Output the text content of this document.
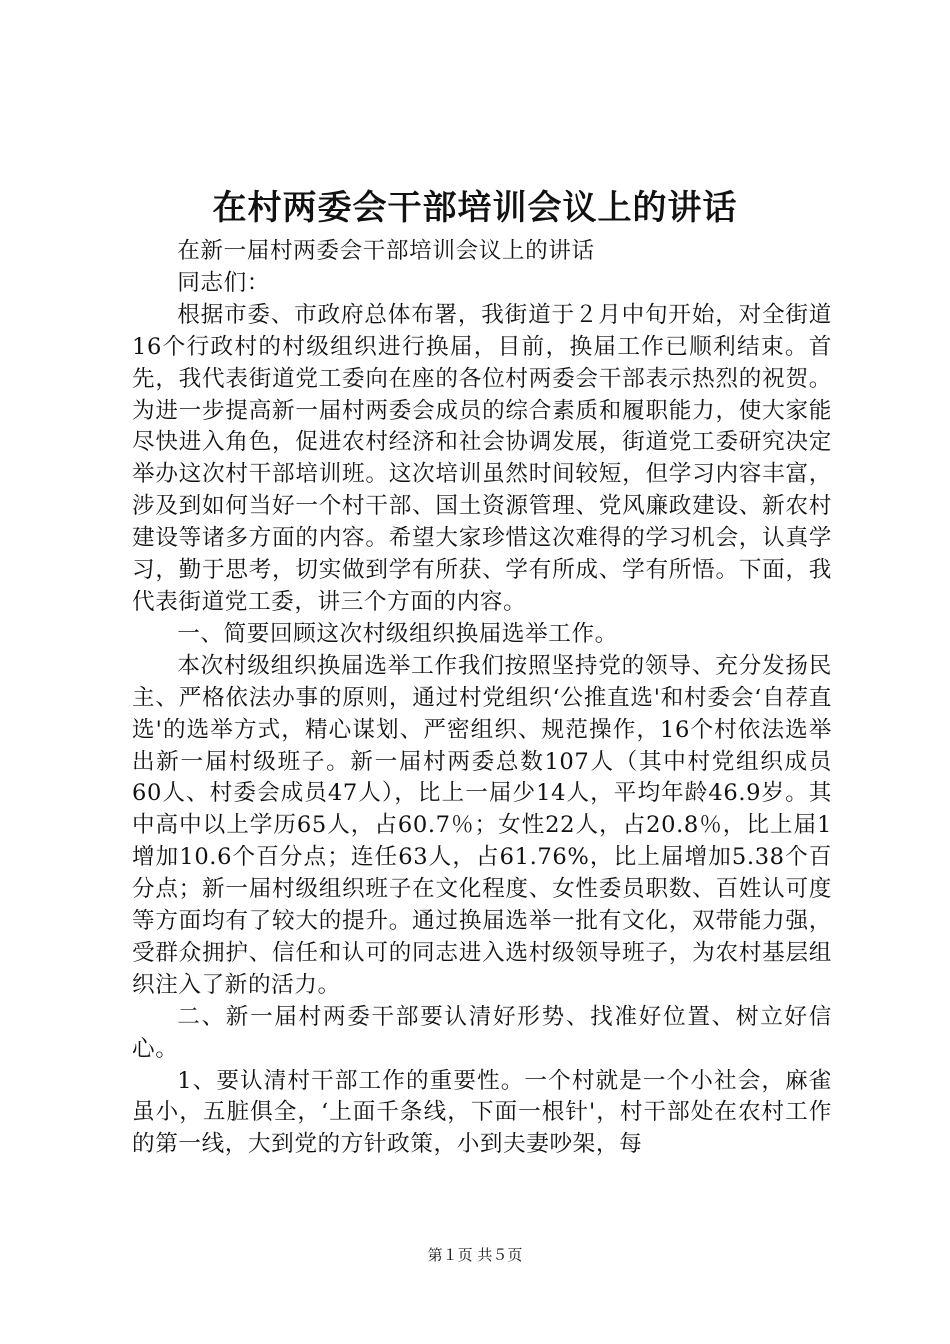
在村两委会干部培训会议上的讲话

在新一届村两委会干部培训会议上的讲话

同志们：

根据市委、市政府总体布署，我街道于２月中旬开始，对全街道16个行政村的村级组织进行换届，目前，换届工作已顺利结束。首先，我代表街道党工委向在座的各位村两委会干部表示热烈的祝贺。为进一步提高新一届村两委会成员的综合素质和履职能力，使大家能尽快进入角色，促进农村经济和社会协调发展，街道党工委研究决定举办这次村干部培训班。这次培训虽然时间较短，但学习内容丰富，涉及到如何当好一个村干部、国土资源管理、党风廉政建设、新农村建设等诸多方面的内容。希望大家珍惜这次难得的学习机会，认真学习，勤于思考，切实做到学有所获、学有所成、学有所悟。下面，我代表街道党工委，讲三个方面的内容。

一、简要回顾这次村级组织换届选举工作。

本次村级组织换届选举工作我们按照坚持党的领导、充分发扬民主、严格依法办事的原则，通过村党组织‘公推直选'和村委会‘自荐直选'的选举方式，精心谋划、严密组织、规范操作，16个村依法选举出新一届村级班子。新一届村两委总数107人（其中村党组织成员60人、村委会成员47人），比上一届少14人，平均年龄46.9岁。其中高中以上学历65人，占60.7％；女性22人，占20.8％，比上届1增加10.6个百分点；连任63人，占61.76%，比上届增加5.38个百分点；新一届村级组织班子在文化程度、女性委员职数、百姓认可度等方面均有了较大的提升。通过换届选举一批有文化，双带能力强，受群众拥护、信任和认可的同志进入选村级领导班子，为农村基层组织注入了新的活力。

二、新一届村两委干部要认清好形势、找准好位置、树立好信心。

1、要认清村干部工作的重要性。一个村就是一个小社会，麻雀虽小，五脏俱全，‘上面千条线，下面一根针'，村干部处在农村工作的第一线，大到党的方针政策，小到夫妻吵架，每

第１页 共５页
